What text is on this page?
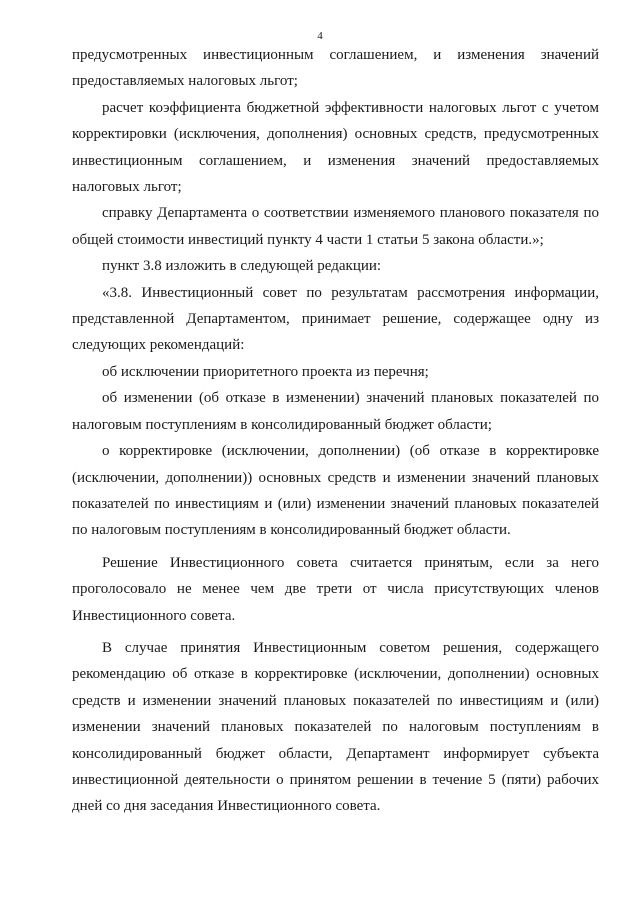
4

предусмотренных инвестиционным соглашением, и изменения значений предоставляемых налоговых льгот;

расчет коэффициента бюджетной эффективности налоговых льгот с учетом корректировки (исключения, дополнения) основных средств, предусмотренных инвестиционным соглашением, и изменения значений предоставляемых налоговых льгот;

справку Департамента о соответствии изменяемого планового показателя по общей стоимости инвестиций пункту 4 части 1 статьи 5 закона области.»;

пункт 3.8 изложить в следующей редакции:

«3.8. Инвестиционный совет по результатам рассмотрения информации, представленной Департаментом, принимает решение, содержащее одну из следующих рекомендаций:

об исключении приоритетного проекта из перечня;

об изменении (об отказе в изменении) значений плановых показателей по налоговым поступлениям в консолидированный бюджет области;

о корректировке (исключении, дополнении) (об отказе в корректировке (исключении, дополнении)) основных средств и изменении значений плановых показателей по инвестициям и (или) изменении значений плановых показателей по налоговым поступлениям в консолидированный бюджет области.

Решение Инвестиционного совета считается принятым, если за него проголосовало не менее чем две трети от числа присутствующих членов Инвестиционного совета.

В случае принятия Инвестиционным советом решения, содержащего рекомендацию об отказе в корректировке (исключении, дополнении) основных средств и изменении значений плановых показателей по инвестициям и (или) изменении значений плановых показателей по налоговым поступлениям в консолидированный бюджет области, Департамент информирует субъекта инвестиционной деятельности о принятом решении в течение 5 (пяти) рабочих дней со дня заседания Инвестиционного совета.
